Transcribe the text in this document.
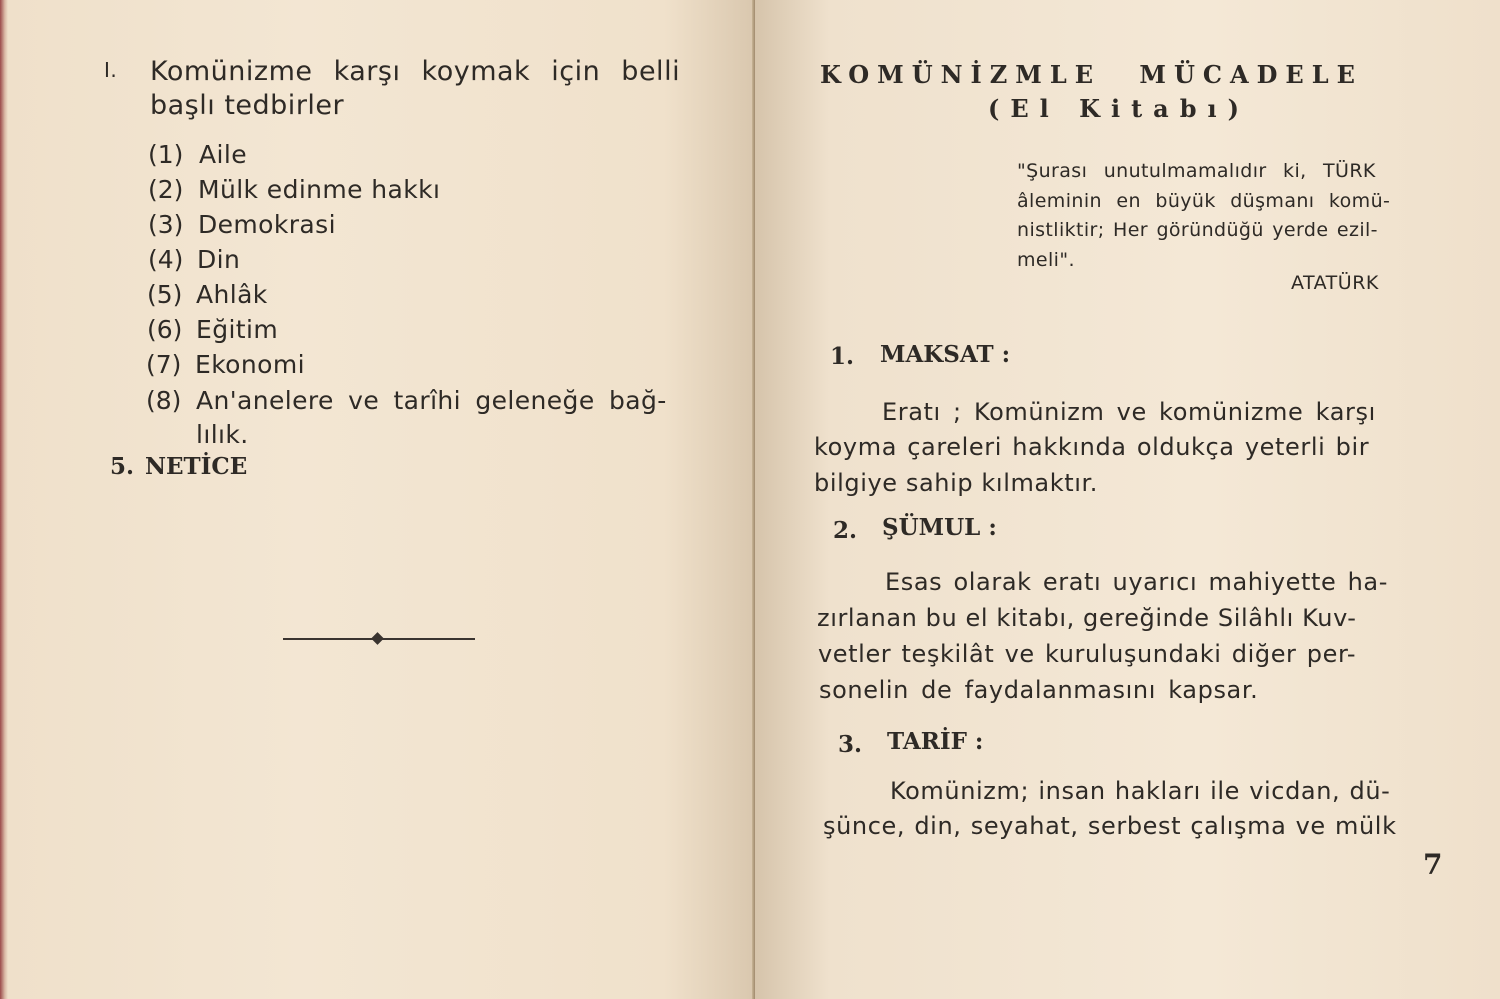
I. Komünizme karşı koymak için belli
başlı tedbirler
(1) Aile
(2) Mülk edinme hakkı
(3) Demokrasi
(4) Din
(5) Ahlâk
(6) Eğitim
(7) Ekonomi
(8) An'anelere ve tarîhi geleneğe bağ-
lılık.
5. NETİCE
KOMÜNİZMLE MÜCADELE
(El Kitabı)
"Şurası unutulmamalıdır ki, TÜRK
âleminin en büyük düşmanı komü-
nistliktir; Her göründüğü yerde ezil-
meli".
ATATÜRK
1. MAKSAT :
Eratı ; Komünizm ve komünizme karşı
koyma çareleri hakkında oldukça yeterli bir
bilgiye sahip kılmaktır.
2. ŞÜMUL :
Esas olarak eratı uyarıcı mahiyette ha-
zırlanan bu el kitabı, gereğinde Silâhlı Kuv-
vetler teşkilât ve kuruluşundaki diğer per-
sonelin de faydalanmasını kapsar.
3. TARİF :
Komünizm; insan hakları ile vicdan, dü-
şünce, din, seyahat, serbest çalışma ve mülk
7
